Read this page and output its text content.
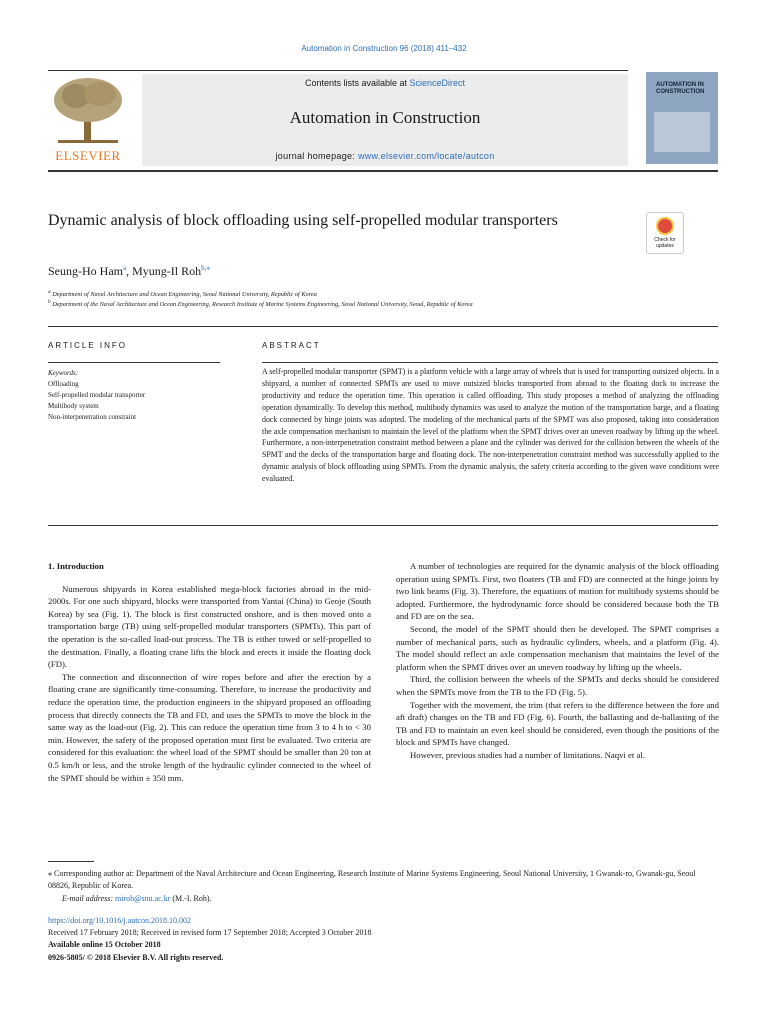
Automation in Construction 96 (2018) 411–432
ELSEVIER
Contents lists available at ScienceDirect
Automation in Construction
journal homepage: www.elsevier.com/locate/autcon
AUTOMATION IN CONSTRUCTION
Dynamic analysis of block offloading using self-propelled modular transporters
Check for updates
Seung-Ho Ham$^a$, Myung-Il Roh$^{b,⁎}$
$^a$ Department of Naval Architecture and Ocean Engineering, Seoul National University, Republic of Korea
$^b$ Department of the Naval Architecture and Ocean Engineering, Research Institute of Marine Systems Engineering, Seoul National University, Seoul, Republic of Korea
ARTICLE INFO	ABSTRACT
Keywords:
Offloading
Self-propelled modular transporter
Multibody system
Non-interpenetration constraint
A self-propelled modular transporter (SPMT) is a platform vehicle with a large array of wheels that is used for transporting outsized objects. In a shipyard, a number of connected SPMTs are used to move outsized blocks transported from abroad to the floating dock to increase the productivity and reduce the operation time. This operation is called offloading. This study proposes a method of analyzing the offloading operation dynamically. To develop this method, multibody dynamics was used to analyze the motion of the transportation barge, and a floating dock connected by hinge joints was adopted. The modeling of the mechanical parts of the SPMT was also proposed, taking into consideration the axle compensation mechanism to maintain the level of the platform when the SPMT drives over an uneven roadway by lifting up the wheel. Furthermore, a non-interpenetration constraint method between a plane and the cylinder was derived for the collision between the wheels of the SPMT and the decks of the transportation barge and floating dock. The non-interpenetration constraint method was successfully applied to the dynamic analysis of block offloading using SPMTs. From the dynamic analysis, the safety criteria according to the given wave conditions were evaluated.
1. Introduction

Numerous shipyards in Korea established mega-block factories abroad in the mid-2000s. For one such shipyard, blocks were transported from Yantai (China) to Geoje (South Korea) by sea (Fig. 1). The block is first constructed onshore, and is then moved onto a transportation barge (TB) using self-propelled modular transporters (SPMTs). This part of the operation is the so-called load-out process. The TB is either towed or self-propelled to the destination. Finally, a floating crane lifts the block and erects it inside the floating dock (FD).

The connection and disconnection of wire ropes before and after the erection by a floating crane are significantly time-consuming. Therefore, to increase the productivity and reduce the operation time, the production engineers in the shipyard proposed an offloading process that directly connects the TB and FD, and uses the SPMTs to move the block in the same way as the load-out (Fig. 2). This can reduce the operation time from 3 to 4 h to < 30 min. However, the safety of the proposed operation must first be evaluated. Two criteria are considered for this evaluation: the wheel load of the SPMT should be smaller than 20 ton at 0.5 km/h or less, and the stroke length of the hydraulic cylinder connected to the wheel of the SPMT should be within ± 350 mm.

A number of technologies are required for the dynamic analysis of the block offloading operation using SPMTs. First, two floaters (TB and FD) are connected at the hinge joints by two link beams (Fig. 3). Therefore, the equations of motion for multibody systems should be adopted. Furthermore, the hydrodynamic force should be considered because both the TB and FD are on the sea.

Second, the model of the SPMT should then be developed. The SPMT comprises a number of mechanical parts, such as hydraulic cylinders, wheels, and a platform (Fig. 4). The model should reflect an axle compensation mechanism that maintains the level of the platform when the SPMT drives over an uneven roadway by lifting up the wheels.

Third, the collision between the wheels of the SPMTs and decks should be considered when the SPMTs move from the TB to the FD (Fig. 5).

Together with the movement, the trim (that refers to the difference between the fore and aft draft) changes on the TB and FD (Fig. 6). Fourth, the ballasting and de-ballasting of the TB and FD to maintain an even keel should be considered, even though the positions of the block and SPMTs have changed.

However, previous studies had a number of limitations. Naqvi et al.

⁎ Corresponding author at: Department of the Naval Architecture and Ocean Engineering, Research Institute of Marine Systems Engineering, Seoul National University, 1 Gwanak-ro, Gwanak-gu, Seoul 08826, Republic of Korea.
E-mail address: miroh@snu.ac.kr (M.-I. Roh).
https://doi.org/10.1016/j.autcon.2018.10.002
Received 17 February 2018; Received in revised form 17 September 2018; Accepted 3 October 2018
Available online 15 October 2018
0926-5805/ © 2018 Elsevier B.V. All rights reserved.
